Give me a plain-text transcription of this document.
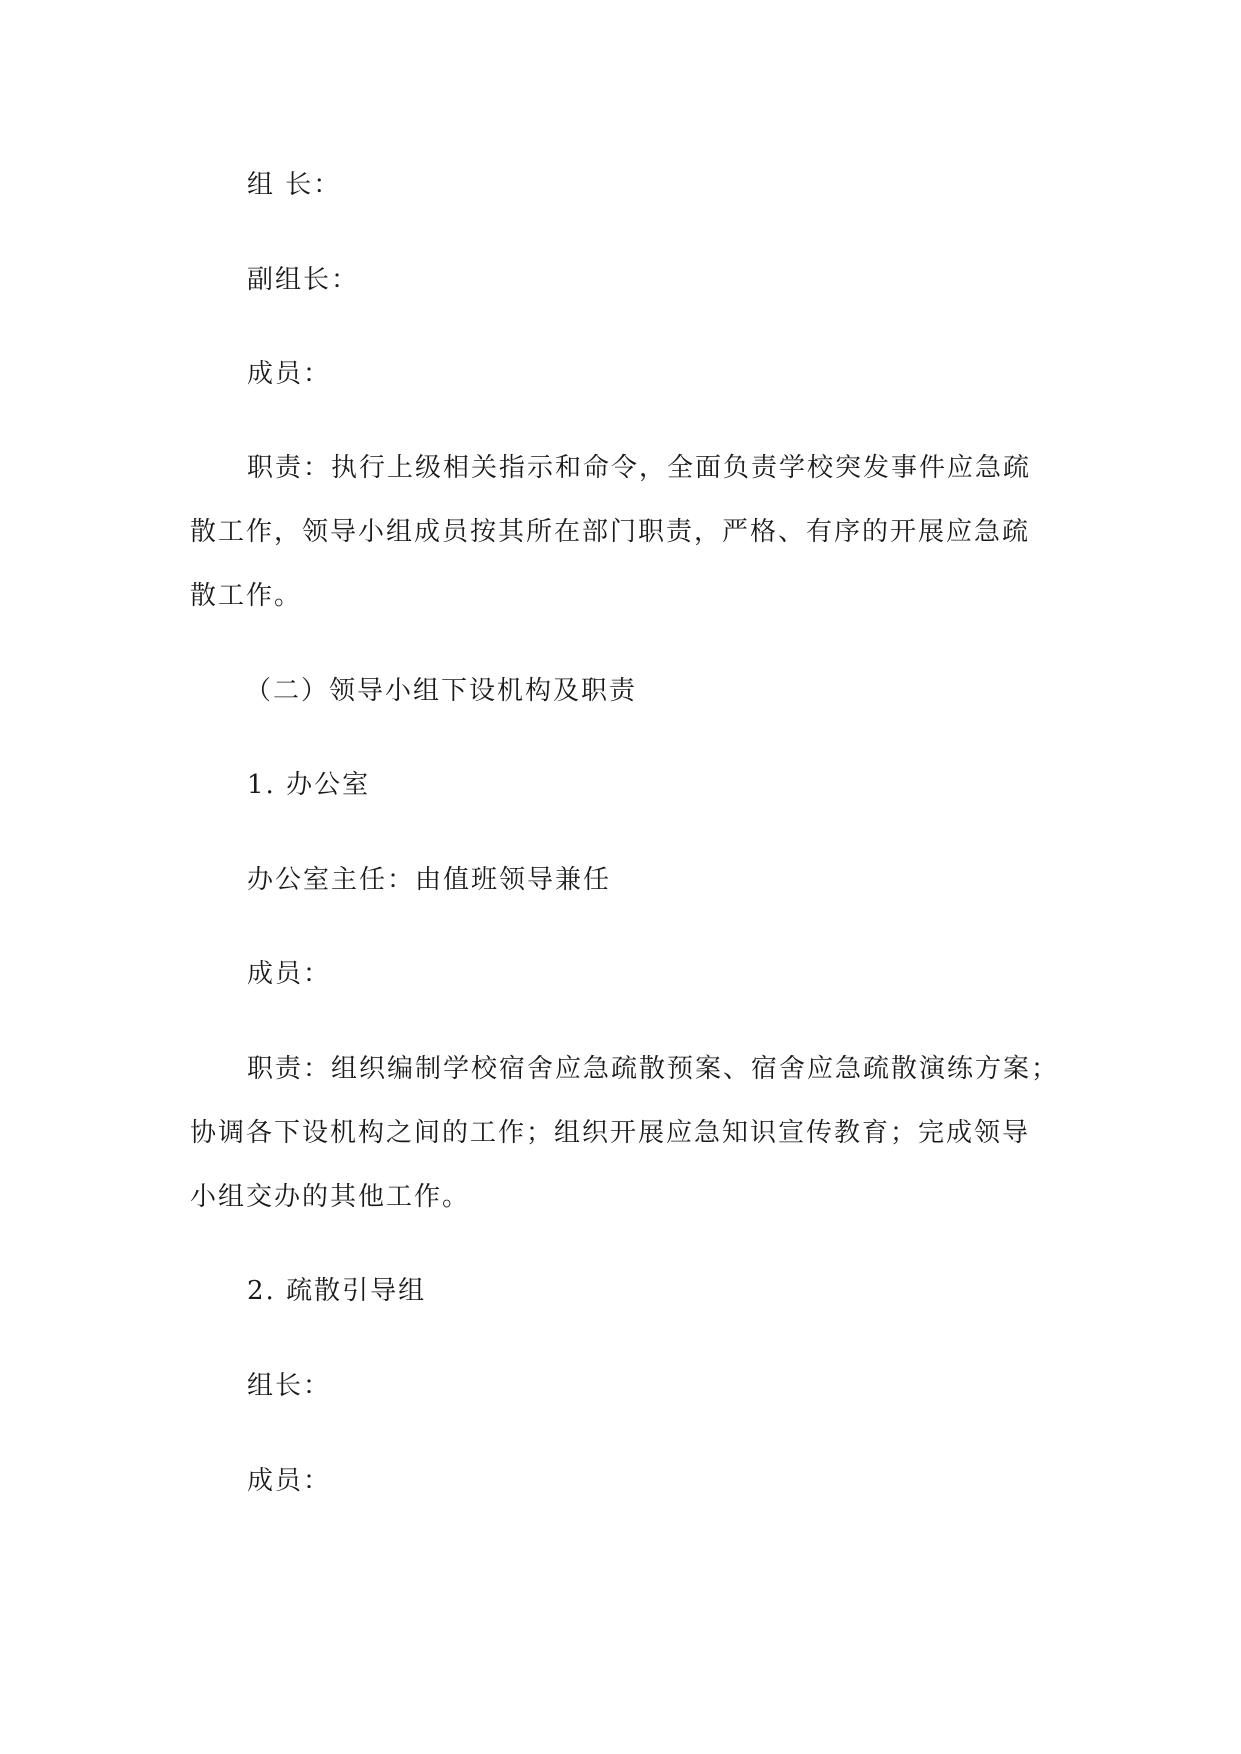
组 长：
副组长：
成员：
职责：执行上级相关指示和命令，全面负责学校突发事件应急疏
散工作，领导小组成员按其所在部门职责，严格、有序的开展应急疏
散工作。
（二）领导小组下设机构及职责
1. 办公室
办公室主任：由值班领导兼任
成员：
职责：组织编制学校宿舍应急疏散预案、宿舍应急疏散演练方案；
协调各下设机构之间的工作；组织开展应急知识宣传教育；完成领导
小组交办的其他工作。
2. 疏散引导组
组长：
成员：
